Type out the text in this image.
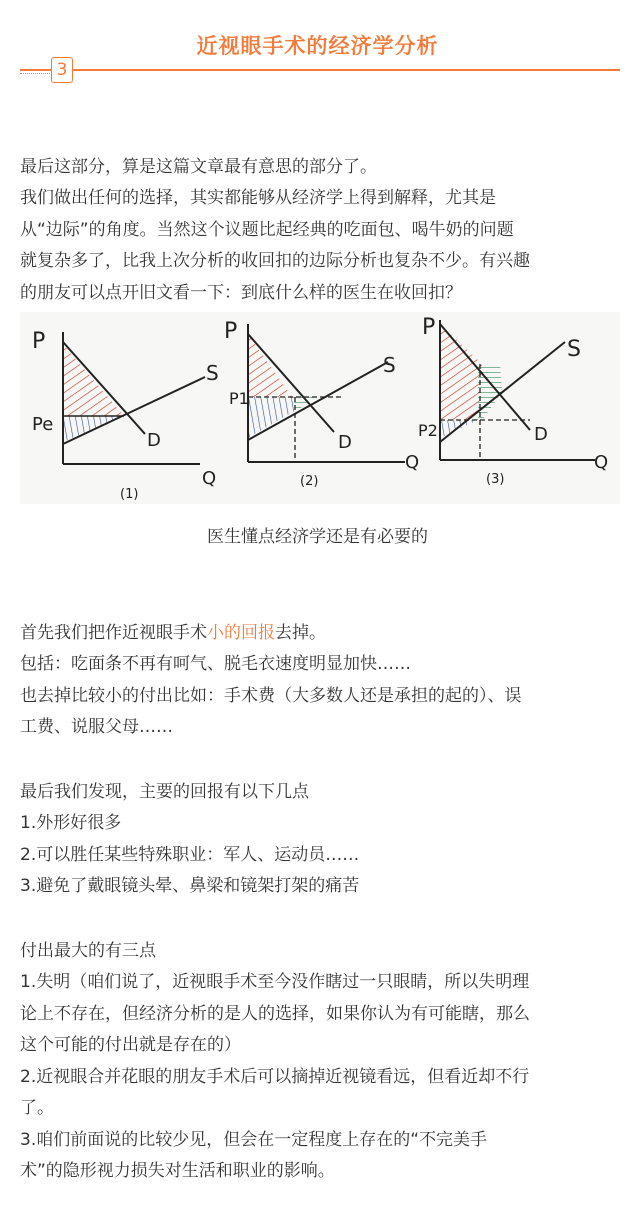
近视眼手术的经济学分析
3

最后这部分，算是这篇文章最有意思的部分了。
我们做出任何的选择，其实都能够从经济学上得到解释，尤其是
从“边际”的角度。当然这个议题比起经典的吃面包、喝牛奶的问题
就复杂多了，比我上次分析的收回扣的边际分析也复杂不少。有兴趣
的朋友可以点开旧文看一下：到底什么样的医生在收回扣？

P
Pe
S
D
Q
(1)
P
P1
S
D
Q
(2)
P
P2
S
D
Q
(3)
医生懂点经济学还是有必要的

首先我们把作近视眼手术小的回报去掉。
包括：吃面条不再有呵气、脱毛衣速度明显加快……
也去掉比较小的付出比如：手术费（大多数人还是承担的起的）、误
工费、说服父母……

最后我们发现，主要的回报有以下几点
1.外形好很多
2.可以胜任某些特殊职业：军人、运动员……
3.避免了戴眼镜头晕、鼻梁和镜架打架的痛苦

付出最大的有三点
1.失明（咱们说了，近视眼手术至今没作瞎过一只眼睛，所以失明理
论上不存在，但经济分析的是人的选择，如果你认为有可能瞎，那么
这个可能的付出就是存在的）
2.近视眼合并花眼的朋友手术后可以摘掉近视镜看远，但看近却不行
了。
3.咱们前面说的比较少见，但会在一定程度上存在的“不完美手
术”的隐形视力损失对生活和职业的影响。
